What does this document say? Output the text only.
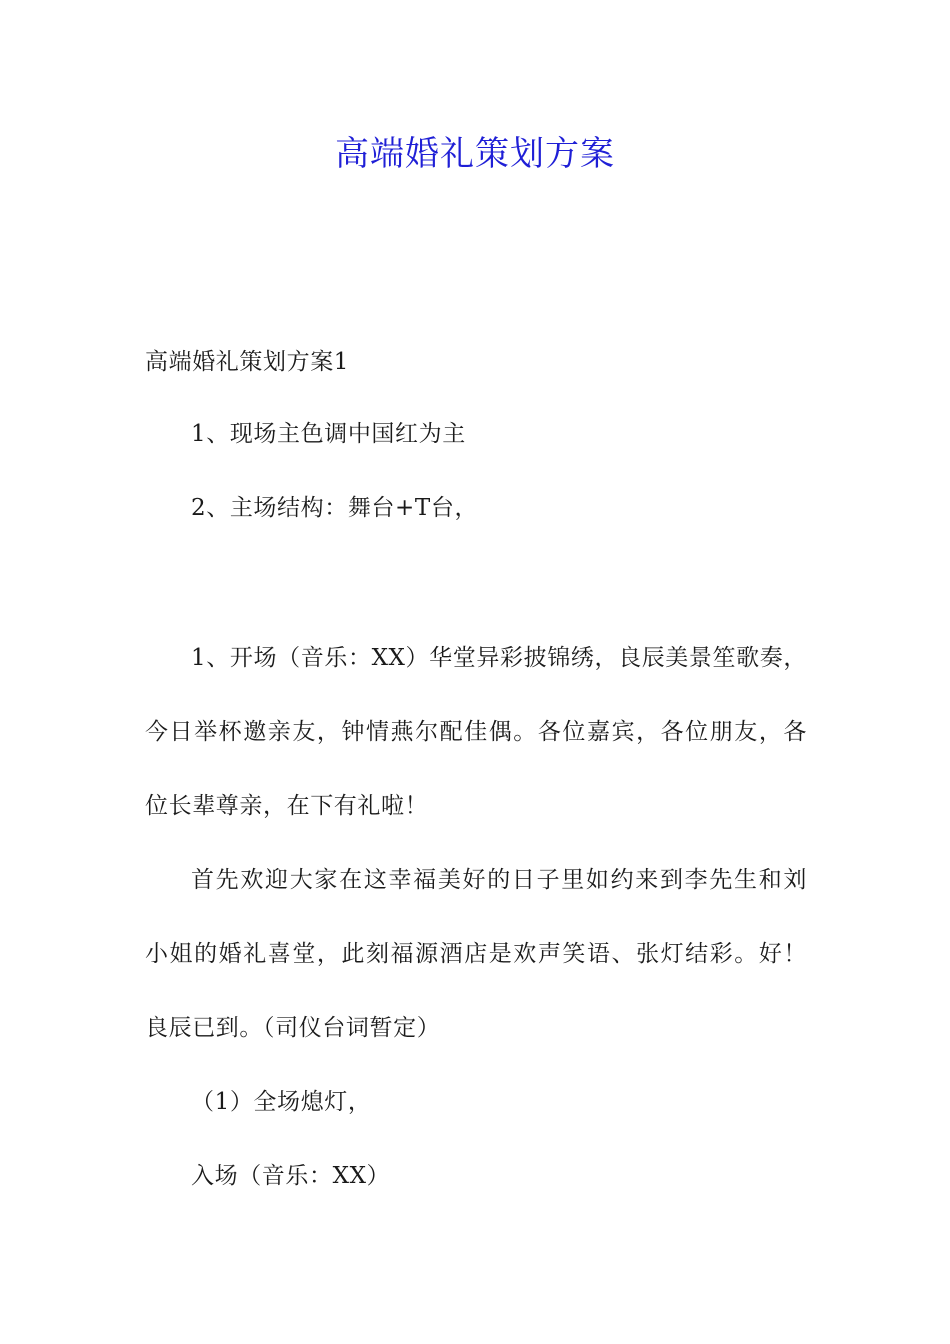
高端婚礼策划方案
高端婚礼策划方案1
1、现场主色调中国红为主
2、主场结构：舞台+T台，
1、开场（音乐：XX）华堂异彩披锦绣，良辰美景笙歌奏，
今日举杯邀亲友，钟情燕尔配佳偶。各位嘉宾，各位朋友，各
位长辈尊亲，在下有礼啦！
首先欢迎大家在这幸福美好的日子里如约来到李先生和刘
小姐的婚礼喜堂，此刻福源酒店是欢声笑语、张灯结彩。好！
良辰已到。（司仪台词暂定）
（1）全场熄灯，
入场（音乐：XX）
